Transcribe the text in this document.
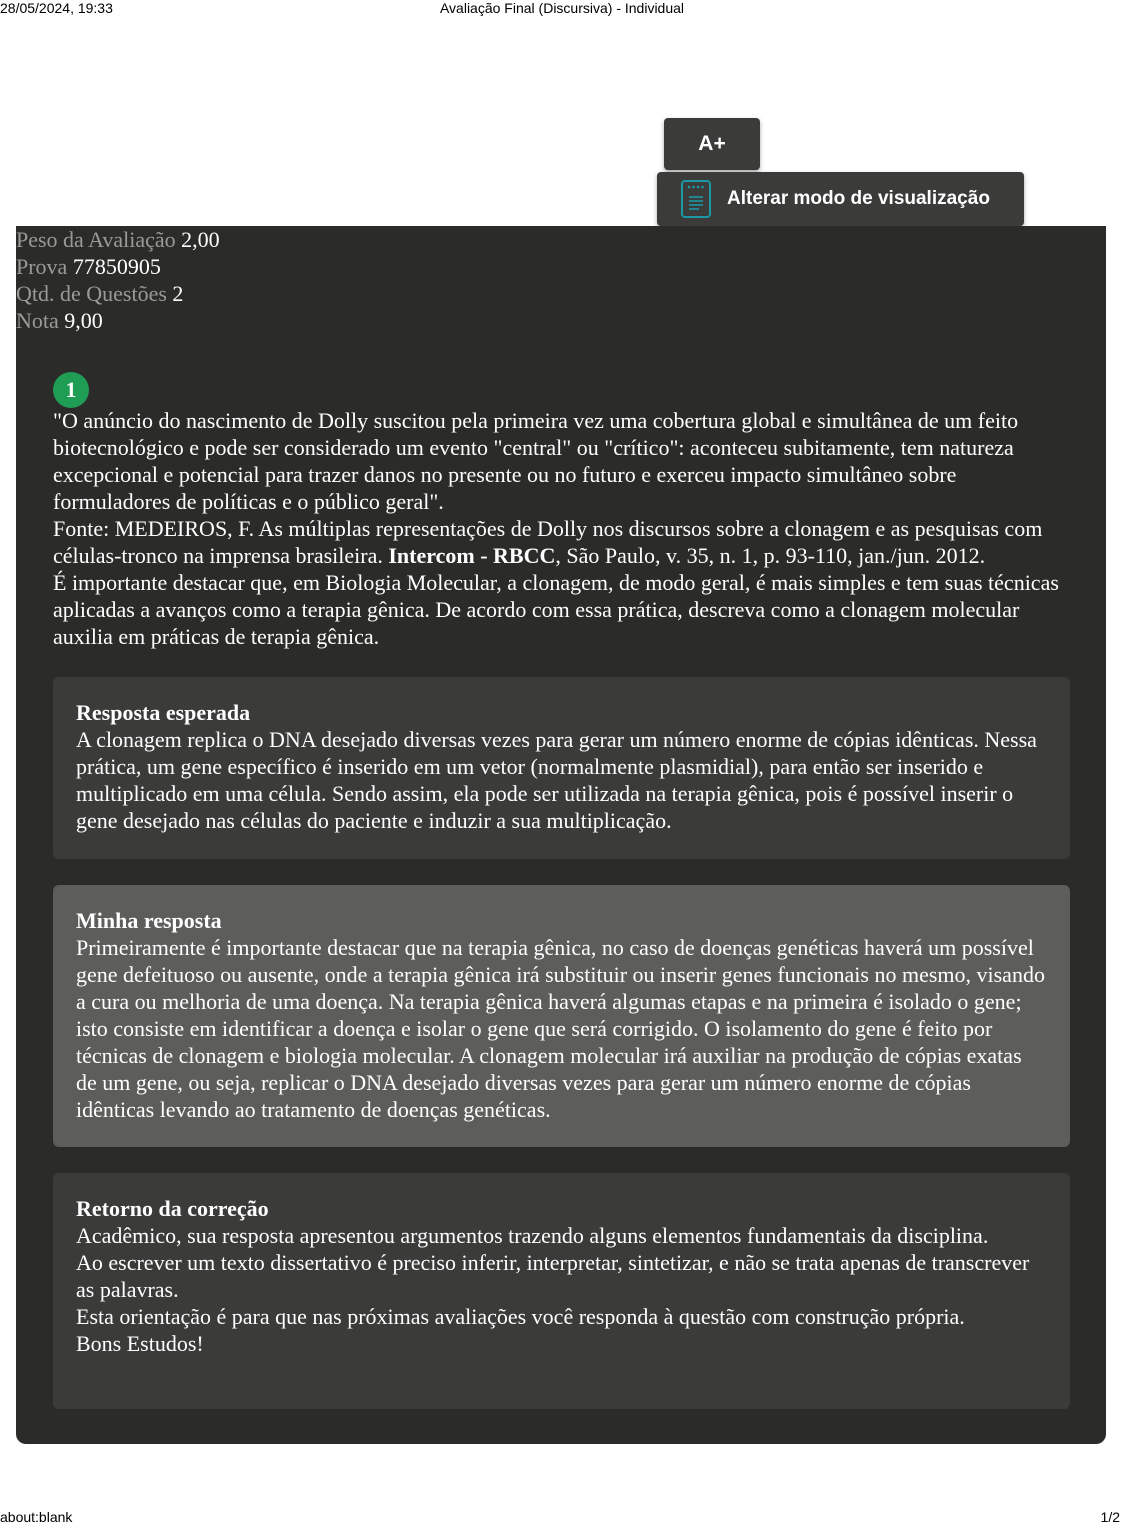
28/05/2024, 19:33	Avaliação Final (Discursiva) - Individual
A+
Alterar modo de visualização
Peso da Avaliação 2,00
Prova 77850905
Qtd. de Questões 2
Nota 9,00
1

"O anúncio do nascimento de Dolly suscitou pela primeira vez uma cobertura global e simultânea de um feito biotecnológico e pode ser considerado um evento "central" ou "crítico": aconteceu subitamente, tem natureza excepcional e potencial para trazer danos no presente ou no futuro e exerceu impacto simultâneo sobre formuladores de políticas e o público geral".

Fonte: MEDEIROS, F. As múltiplas representações de Dolly nos discursos sobre a clonagem e as pesquisas com células-tronco na imprensa brasileira. Intercom - RBCC, São Paulo, v. 35, n. 1, p. 93-110, jan./jun. 2012.

É importante destacar que, em Biologia Molecular, a clonagem, de modo geral, é mais simples e tem suas técnicas aplicadas a avanços como a terapia gênica. De acordo com essa prática, descreva como a clonagem molecular auxilia em práticas de terapia gênica.

Resposta esperada

A clonagem replica o DNA desejado diversas vezes para gerar um número enorme de cópias idênticas. Nessa prática, um gene específico é inserido em um vetor (normalmente plasmidial), para então ser inserido e multiplicado em uma célula. Sendo assim, ela pode ser utilizada na terapia gênica, pois é possível inserir o gene desejado nas células do paciente e induzir a sua multiplicação.

Minha resposta

Primeiramente é importante destacar que na terapia gênica, no caso de doenças genéticas haverá um possível gene defeituoso ou ausente, onde a terapia gênica irá substituir ou inserir genes funcionais no mesmo, visando a cura ou melhoria de uma doença. Na terapia gênica haverá algumas etapas e na primeira é isolado o gene; isto consiste em identificar a doença e isolar o gene que será corrigido. O isolamento do gene é feito por técnicas de clonagem e biologia molecular. A clonagem molecular irá auxiliar na produção de cópias exatas de um gene, ou seja, replicar o DNA desejado diversas vezes para gerar um número enorme de cópias idênticas levando ao tratamento de doenças genéticas.

Retorno da correção

Acadêmico, sua resposta apresentou argumentos trazendo alguns elementos fundamentais da disciplina.

Ao escrever um texto dissertativo é preciso inferir, interpretar, sintetizar, e não se trata apenas de transcrever as palavras.

Esta orientação é para que nas próximas avaliações você responda à questão com construção própria.

Bons Estudos!

about:blank	1/2
